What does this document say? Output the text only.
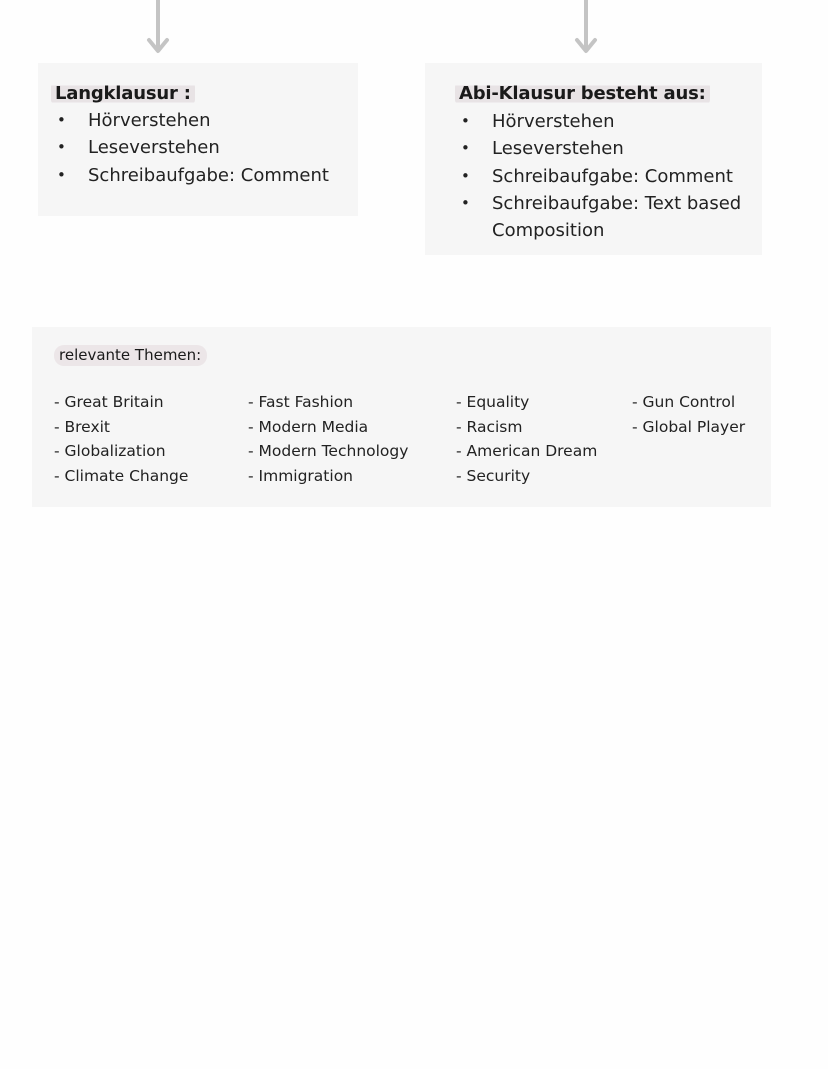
Langklausur :
• Hörverstehen
• Leseverstehen
• Schreibaufgabe: Comment
Abi-Klausur besteht aus:
• Hörverstehen
• Leseverstehen
• Schreibaufgabe: Comment
• Schreibaufgabe: Text based Composition
relevante Themen:
- Great Britain
- Brexit
- Globalization
- Climate Change
- Fast Fashion
- Modern Media
- Modern Technology
- Immigration
- Equality
- Racism
- American Dream
- Security
- Gun Control
- Global Player
